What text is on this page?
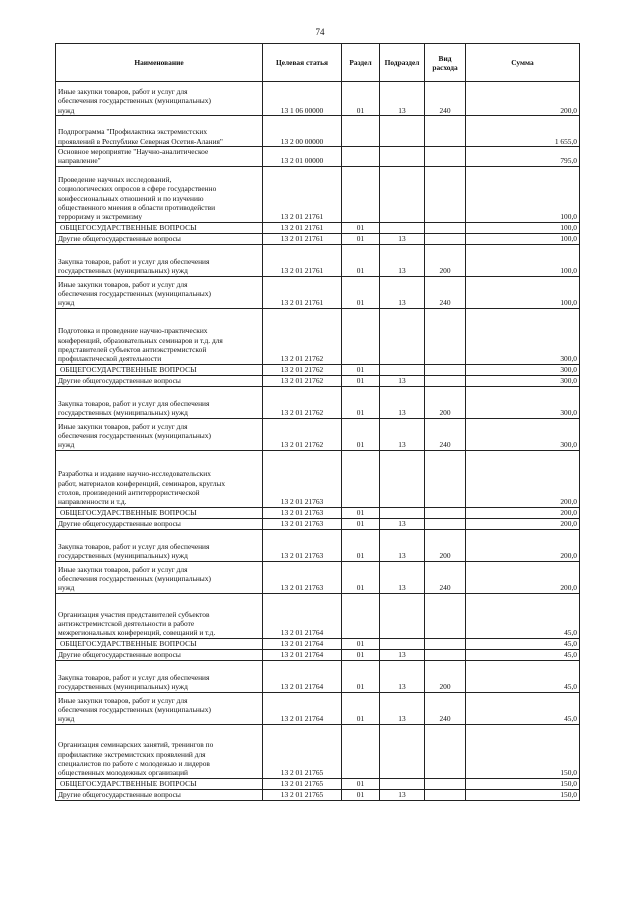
74
Наименование	Целевая статья	Раздел	Подраздел	Вид расхода	Сумма
Иные закупки товаров, работ и услуг для
обеспечения государственных (муниципальных)
нужд	13 1 06 00000	01	13	240	200,0

Подпрограмма "Профилактика экстремистских
проявлений в Республике Северная Осетия-Алания"	13 2 00 00000				1 655,0
Основное мероприятие "Научно-аналитическое
направление"	13 2 01 00000				795,0
Проведение научных исследований,
социологических опросов в сфере государственно
конфессиональных отношений и по изучению
общественного мнения в области противодействи
терроризму и экстремизму	13 2 01 21761				100,0
ОБЩЕГОСУДАРСТВЕННЫЕ ВОПРОСЫ	13 2 01 21761	01			100,0
Другие общегосударственные вопросы	13 2 01 21761	01	13		100,0

Закупка товаров, работ и услуг для обеспечения
государственных (муниципальных) нужд	13 2 01 21761	01	13	200	100,0
Иные закупки товаров, работ и услуг для
обеспечения государственных (муниципальных)
нужд	13 2 01 21761	01	13	240	100,0

Подготовка и проведение научно-практических
конференций, образовательных семинаров и т.д. для
представителей субъектов антиэкстремистской
профилактической деятельности	13 2 01 21762				300,0
ОБЩЕГОСУДАРСТВЕННЫЕ ВОПРОСЫ	13 2 01 21762	01			300,0
Другие общегосударственные вопросы	13 2 01 21762	01	13		300,0

Закупка товаров, работ и услуг для обеспечения
государственных (муниципальных) нужд	13 2 01 21762	01	13	200	300,0
Иные закупки товаров, работ и услуг для
обеспечения государственных (муниципальных)
нужд	13 2 01 21762	01	13	240	300,0

Разработка и издание научно-исследовательских
работ, материалов конференций, семинаров, круглых
столов, произведений антитеррористической
направленности и т.д.	13 2 01 21763				200,0
ОБЩЕГОСУДАРСТВЕННЫЕ ВОПРОСЫ	13 2 01 21763	01			200,0
Другие общегосударственные вопросы	13 2 01 21763	01	13		200,0

Закупка товаров, работ и услуг для обеспечения
государственных (муниципальных) нужд	13 2 01 21763	01	13	200	200,0
Иные закупки товаров, работ и услуг для
обеспечения государственных (муниципальных)
нужд	13 2 01 21763	01	13	240	200,0

Организация участия представителей субъектов
антиэкстремистской деятельности в работе
межрегиональных конференций, совещаний и т.д.	13 2 01 21764				45,0
ОБЩЕГОСУДАРСТВЕННЫЕ ВОПРОСЫ	13 2 01 21764	01			45,0
Другие общегосударственные вопросы	13 2 01 21764	01	13		45,0

Закупка товаров, работ и услуг для обеспечения
государственных (муниципальных) нужд	13 2 01 21764	01	13	200	45,0
Иные закупки товаров, работ и услуг для
обеспечения государственных (муниципальных)
нужд	13 2 01 21764	01	13	240	45,0

Организация семинарских занятий, тренингов по
профилактике экстремистских проявлений для
специалистов по работе с молодежью и лидеров
общественных молодежных организаций	13 2 01 21765				150,0
ОБЩЕГОСУДАРСТВЕННЫЕ ВОПРОСЫ	13 2 01 21765	01			150,0
Другие общегосударственные вопросы	13 2 01 21765	01	13		150,0
